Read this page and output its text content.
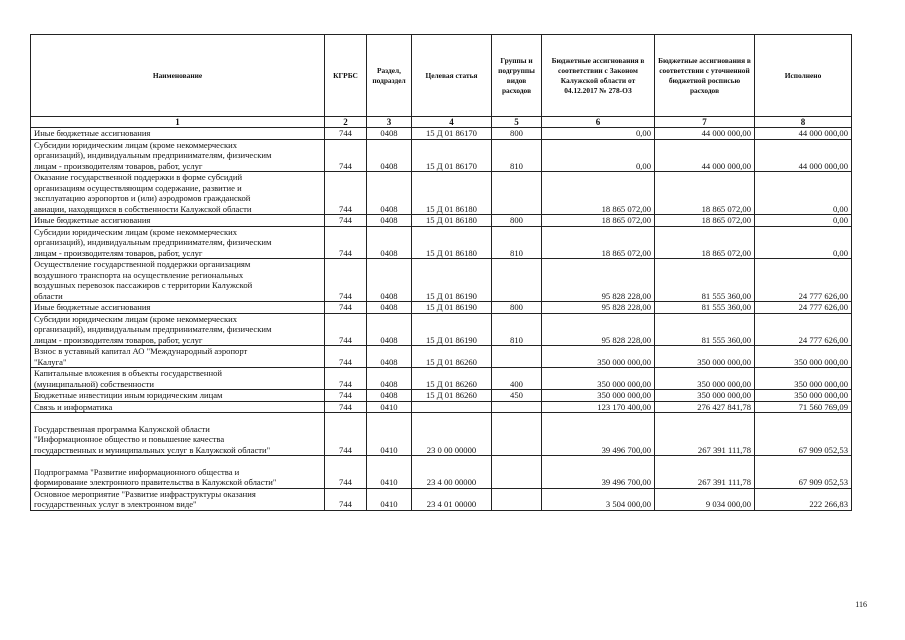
Наименование	КГРБС	Раздел, подраздел	Целевая статья	Группы и подгруппы видов расходов	Бюджетные ассигнования в соответствии с Законом Калужской области от 04.12.2017 № 278-ОЗ	Бюджетные ассигнования в соответствии с уточненной бюджетной росписью расходов	Исполнено
1	2	3	4	5	6	7	8
Иные бюджетные ассигнования	744	0408	15 Д 01 86170	800	0,00	44 000 000,00	44 000 000,00
Субсидии юридическим лицам (кроме некоммерческих
организаций), индивидуальным предпринимателям, физическим
лицам - производителям товаров, работ, услуг	744	0408	15 Д 01 86170	810	0,00	44 000 000,00	44 000 000,00
Оказание государственной поддержки в форме субсидий
организациям осуществляющим содержание, развитие и
эксплуатацию аэропортов и (или) аэродромов гражданской
авиации, находящихся в собственности Калужской области	744	0408	15 Д 01 86180		18 865 072,00	18 865 072,00	0,00
Иные бюджетные ассигнования	744	0408	15 Д 01 86180	800	18 865 072,00	18 865 072,00	0,00
Субсидии юридическим лицам (кроме некоммерческих
организаций), индивидуальным предпринимателям, физическим
лицам - производителям товаров, работ, услуг	744	0408	15 Д 01 86180	810	18 865 072,00	18 865 072,00	0,00
Осуществление государственной поддержки организациям
воздушного транспорта на осуществление региональных
воздушных перевозок пассажиров с территории Калужской
области	744	0408	15 Д 01 86190		95 828 228,00	81 555 360,00	24 777 626,00
Иные бюджетные ассигнования	744	0408	15 Д 01 86190	800	95 828 228,00	81 555 360,00	24 777 626,00
Субсидии юридическим лицам (кроме некоммерческих
организаций), индивидуальным предпринимателям, физическим
лицам - производителям товаров, работ, услуг	744	0408	15 Д 01 86190	810	95 828 228,00	81 555 360,00	24 777 626,00
Взнос в уставный капитал АО "Международный аэропорт
"Калуга"	744	0408	15 Д 01 86260		350 000 000,00	350 000 000,00	350 000 000,00
Капитальные вложения в объекты государственной
(муниципальной) собственности	744	0408	15 Д 01 86260	400	350 000 000,00	350 000 000,00	350 000 000,00
Бюджетные инвестиции иным юридическим лицам	744	0408	15 Д 01 86260	450	350 000 000,00	350 000 000,00	350 000 000,00
Связь и информатика	744	0410			123 170 400,00	276 427 841,78	71 560 769,09

Государственная программа Калужской области
"Информационное общество и повышение качества
государственных и муниципальных услуг в Калужской области"	744	0410	23 0 00 00000		39 496 700,00	267 391 111,78	67 909 052,53

Подпрограмма "Развитие информационного общества и
формирование электронного правительства в Калужской области"	744	0410	23 4 00 00000		39 496 700,00	267 391 111,78	67 909 052,53
Основное мероприятие "Развитие инфраструктуры оказания
государственных услуг в электронном виде"	744	0410	23 4 01 00000		3 504 000,00	9 034 000,00	222 266,83
116
